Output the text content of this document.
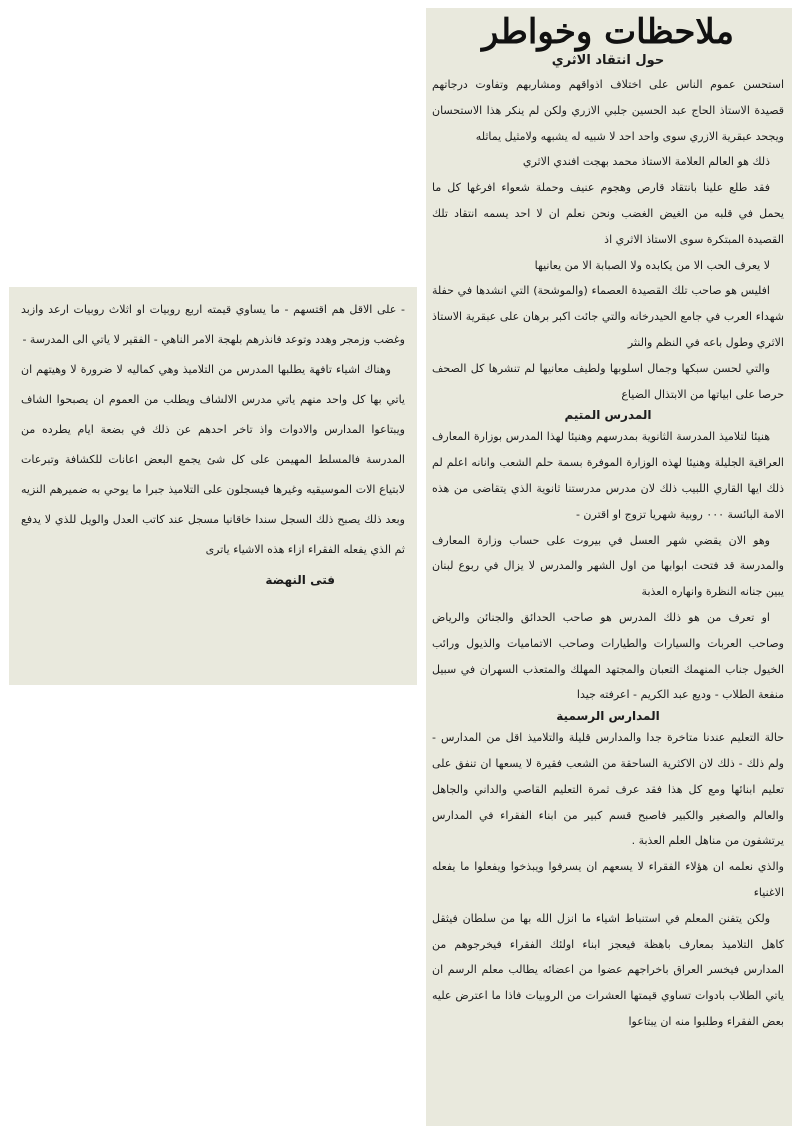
ملاحظات وخواطر

حول انتقاد الاثري

استحسن عموم الناس على اختلاف اذواقهم ومشاربهم وتفاوت درجاتهم قصيدة الاستاذ الحاج عبد الحسين جلبي الازري ولكن لم ينكر هذا الاستحسان ويجحد عبقرية الازري سوى واحد احد لا شبيه له يشبهه ولامثيل يماثله

ذلك هو العالم العلامة الاستاذ محمد بهجت افندي الاثري

فقد طلع علينا بانتقاد قارص وهجوم عنيف وحملة شعواء افرغها كل ما يحمل في قلبه من الغيض الغضب ونحن نعلم ان لا احد يسمه انتقاد تلك القصيدة المبتكرة سوى الاستاذ الاثري اذ

لا يعرف الحب الا من يكابده ولا الصبابة الا من يعانيها

افليس هو صاحب تلك القصيدة العصماء (والموشحة) التي انشدها في حفلة شهداء العرب في جامع الحيدرخانه والتي جائت اكبر برهان على عبقرية الاستاذ الاثري وطول باعه في النظم والنثر

والتي لحسن سبكها وجمال اسلوبها ولطيف معانيها لم تنشرها كل الصحف حرصا على ابياتها من الابتذال الضياع

المدرس المتيم

هنيئا لتلاميذ المدرسة الثانوية بمدرسهم وهنيئا لهذا المدرس بوزارة المعارف العراقية الجليلة وهنيئا لهذه الوزارة الموفرة بسمة حلم الشعب وانانه اعلم لم ذلك ايها القاري اللبيب ذلك لان مدرس مدرستنا ثانوية الذي يتقاضى من هذه الامة البائسة ٠٠٠ روبية شهريا تزوج او اقترن -

وهو الان يقضي شهر العسل في بيروت على حساب وزارة المعارف والمدرسة قد فتحت ابوابها من اول الشهر والمدرس لا يزال في ربوع لبنان يبين جنانه النظرة وانهاره العذبة

او تعرف من هو ذلك المدرس هو صاحب الحدائق والجنائن والرياض وصاحب العربات والسيارات والطيارات وصاحب الاتماميات والذيول ورائب الخيول جناب المنهمك التعبان والمجتهد المهلك والمتعذب السهران في سبيل منفعة الطلاب - وديع عبد الكريم - اعرفته جيدا

المدارس الرسمية

حالة التعليم عندنا متاخرة جدا والمدارس قليلة والتلاميذ اقل من المدارس - ولم ذلك - ذلك لان الاكثرية الساحقة من الشعب فقيرة لا يسعها ان تنفق على تعليم ابنائها ومع كل هذا فقد عرف ثمرة التعليم القاصي والداني والجاهل والعالم والصغير والكبير فاصبح قسم كبير من ابناء الفقراء في المدارس يرتشفون من مناهل العلم العذبة .

والذي نعلمه ان هؤلاء الفقراء لا يسعهم ان يسرفوا ويبذخوا ويفعلوا ما يفعله الاغنياء

ولكن يتفنن المعلم في استنباط اشياء ما انزل الله بها من سلطان فيثقل كاهل التلاميذ بمعارف باهظة فيعجز ابناء اولئك الفقراء فيخرجوهم من المدارس فيخسر العراق باخراجهم عضوا من اعضائه يطالب معلم الرسم ان ياتي الطلاب بادوات تساوي قيمتها العشرات من الروبيات فاذا ما اعترض عليه بعض الفقراء وطلبوا منه ان يبتاعوا

- على الاقل هم اقتسهم - ما يساوي قيمته اربع روبيات او اثلاث روبيات ارعد وازبد وغضب وزمجر وهدد وتوعد فانذرهم بلهجة الامر الناهي - الفقير لا ياتي الى المدرسة -

وهناك اشياء تافهة يطلبها المدرس من التلاميذ وهي كماليه لا ضرورة لا وهيتهم ان ياتي بها كل واحد منهم ياتي مدرس الالشاف ويطلب من العموم ان يصبحوا الشاف ويبتاعوا المدارس والادوات واذ تاخر احدهم عن ذلك في بضعة ايام يطرده من المدرسة فالمسلط المهيمن على كل شئ يجمع البعض اعانات للكشافة وتبرعات لابتياع الات الموسيقيه وغيرها فيسجلون على التلاميذ جبرا ما يوحي به ضميرهم النزيه وبعد ذلك يصبح ذلك السجل سندا خاقانيا مسجل عند كاتب العدل والويل للذي لا يدفع ثم الذي يفعله الفقراء ازاء هذه الاشياء ياترى

فتى النهضة
